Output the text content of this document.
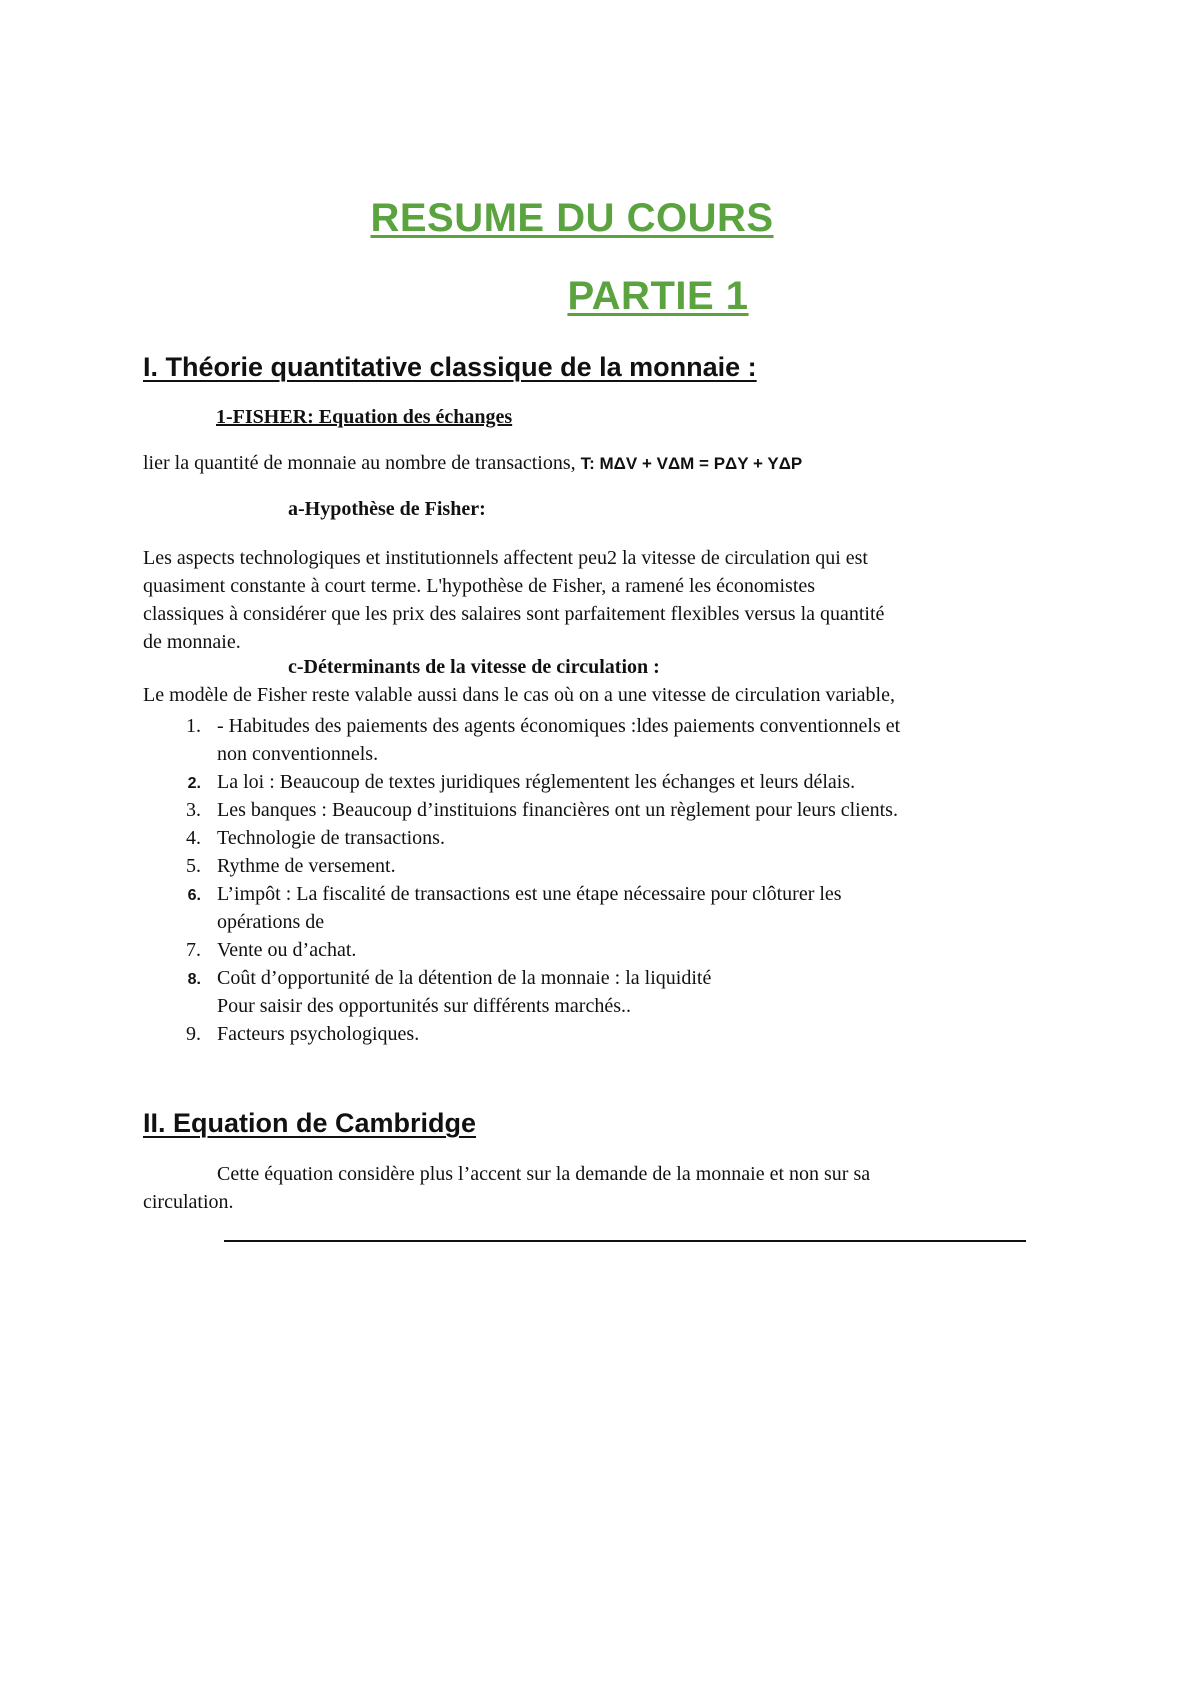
RESUME DU COURS
PARTIE 1
I. Théorie quantitative classique de la monnaie :
1-FISHER: Equation des échanges
lier la quantité de monnaie au nombre de transactions, T: MΔV + VΔM = PΔY + YΔP
a-Hypothèse de Fisher:
Les aspects technologiques et institutionnels affectent peu2 la vitesse de circulation qui est
quasiment constante à court terme. L'hypothèse de Fisher, a ramené les économistes
classiques à considérer que les prix des salaires sont parfaitement flexibles versus la quantité
de monnaie.
c-Déterminants de la vitesse de circulation :
Le modèle de Fisher reste valable aussi dans le cas où on a une vitesse de circulation variable,
1. - Habitudes des paiements des agents économiques :ldes paiements conventionnels et
non conventionnels.
2. La loi : Beaucoup de textes juridiques réglementent les échanges et leurs délais.
3. Les banques : Beaucoup d’instituions financières ont un règlement pour leurs clients.
4. Technologie de transactions.
5. Rythme de versement.
6. L’impôt : La fiscalité de transactions est une étape nécessaire pour clôturer les
opérations de
7. Vente ou d’achat.
8. Coût d’opportunité de la détention de la monnaie : la liquidité
Pour saisir des opportunités sur différents marchés..
9. Facteurs psychologiques.
II. Equation de Cambridge
Cette équation considère plus l’accent sur la demande de la monnaie et non sur sa
circulation.
